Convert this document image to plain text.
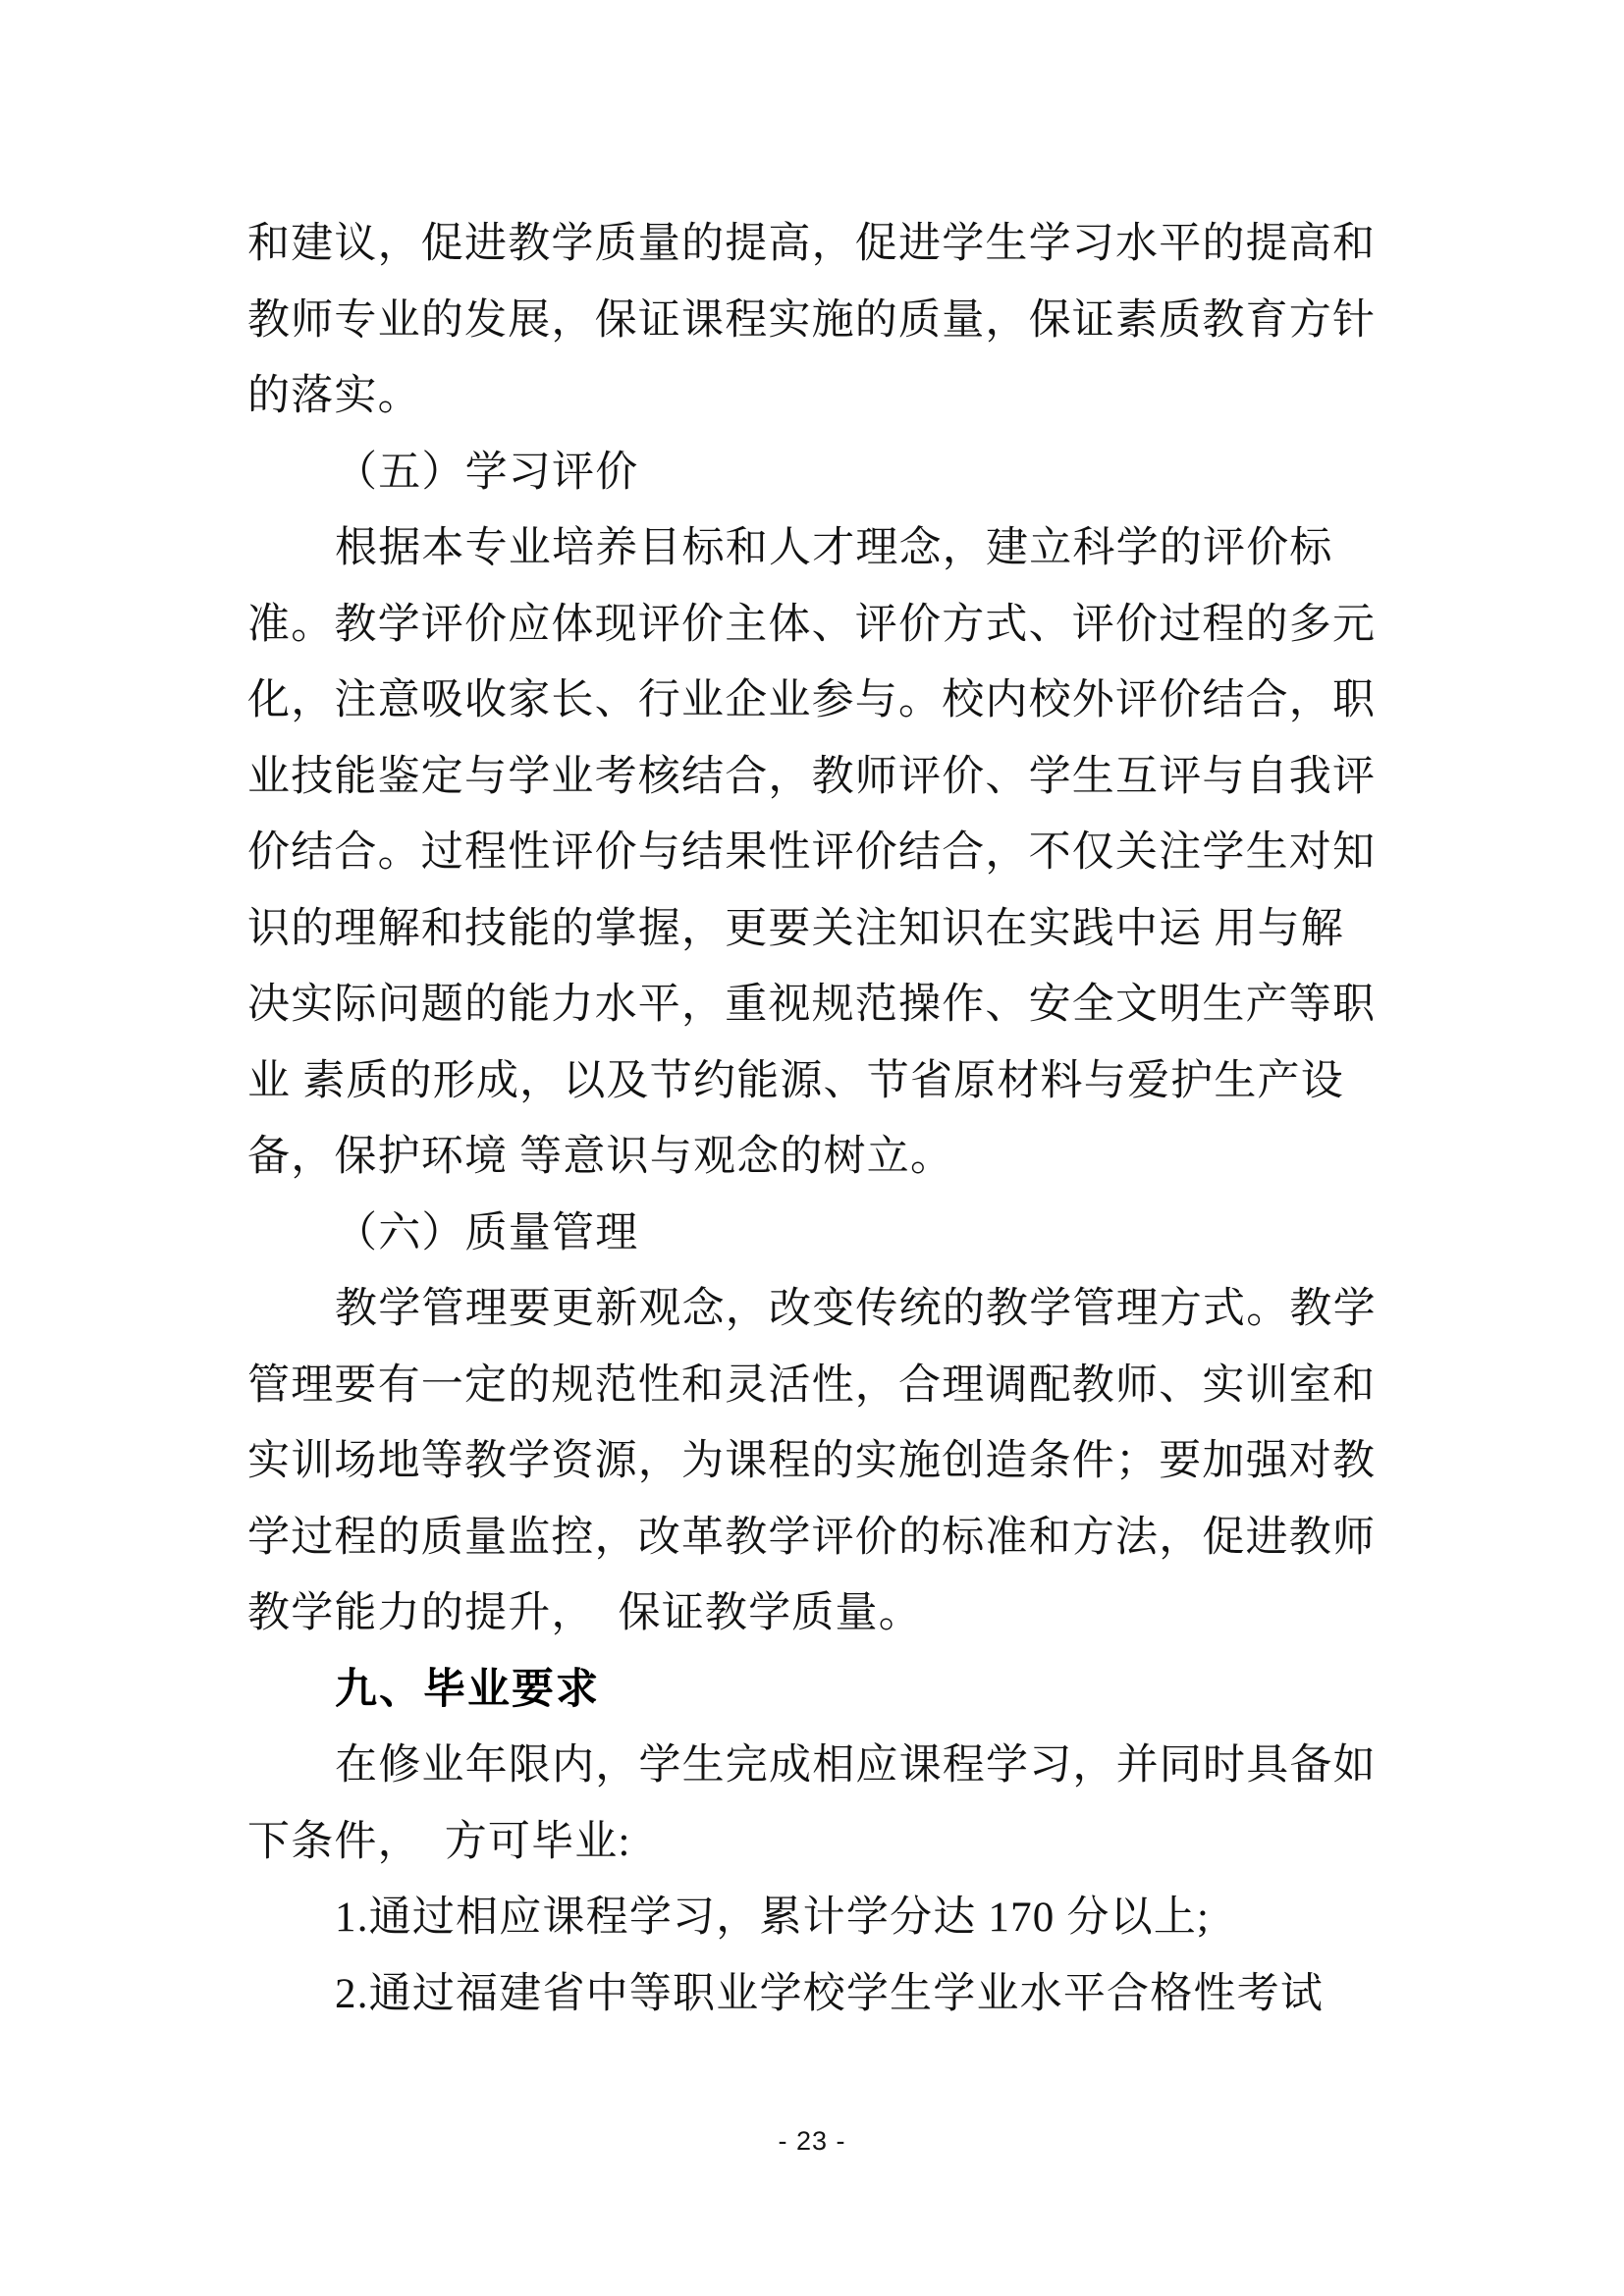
和建议，促进教学质量的提高，促进学生学习水平的提高和
教师专业的发展，保证课程实施的质量，保证素质教育方针
的落实。
（五）学习评价
根据本专业培养目标和人才理念，建立科学的评价标
准。教学评价应体现评价主体、评价方式、评价过程的多元
化，注意吸收家长、行业企业参与。校内校外评价结合，职
业技能鉴定与学业考核结合，教师评价、学生互评与自我评
价结合。过程性评价与结果性评价结合，不仅关注学生对知
识的理解和技能的掌握，更要关注知识在实践中运 用与解
决实际问题的能力水平，重视规范操作、安全文明生产等职
业 素质的形成，以及节约能源、节省原材料与爱护生产设
备，保护环境 等意识与观念的树立。
（六）质量管理
教学管理要更新观念，改变传统的教学管理方式。教学
管理要有一定的规范性和灵活性，合理调配教师、实训室和
实训场地等教学资源，为课程的实施创造条件；要加强对教
学过程的质量监控，改革教学评价的标准和方法，促进教师
教学能力的提升，  保证教学质量。
九、毕业要求
在修业年限内，学生完成相应课程学习，并同时具备如
下条件，  方可毕业:
1.通过相应课程学习，累计学分达 170 分以上;
2.通过福建省中等职业学校学生学业水平合格性考试
- 23 -
